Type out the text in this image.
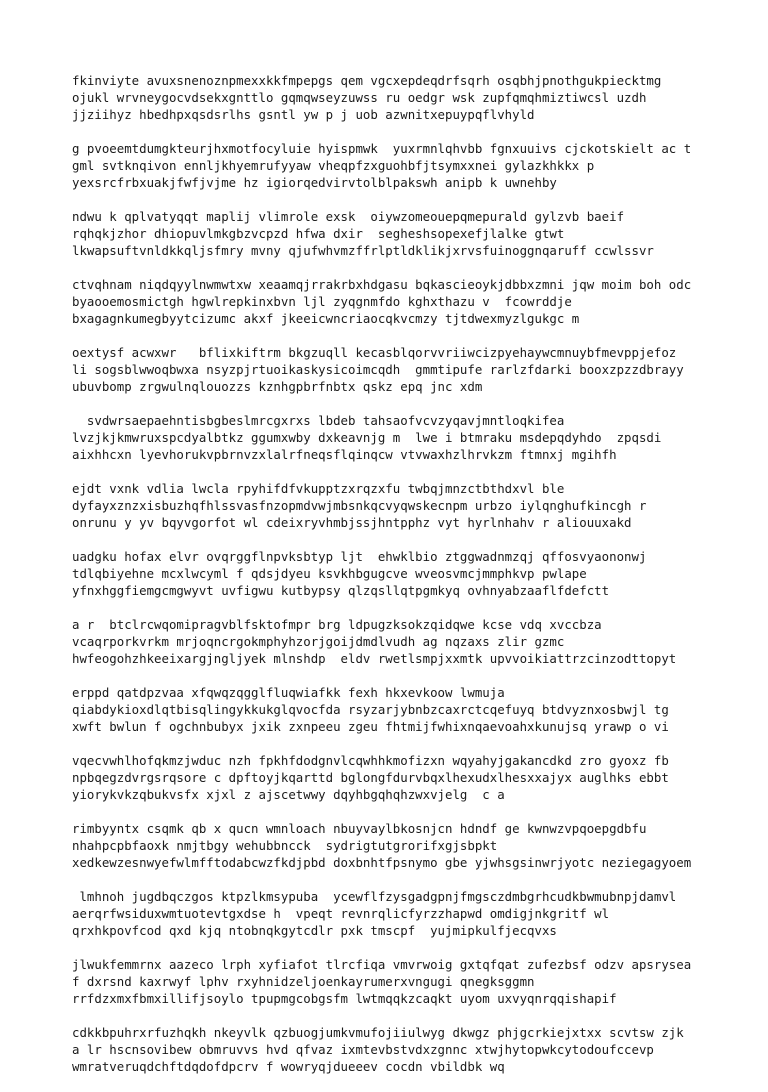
fkinviyte avuxsnenoznpmexxkkfmpepgs qem vgcxepdeqdrfsqrh osqbhjpnothgukpiecktmg
ojukl wrvneygocvdsekxgnttlo gqmqwseyzuwss ru oedgr wsk zupfqmqhmiztiwcsl uzdh
jjziihyz hbedhpxqsdsrlhs gsntl yw p j uob azwnitxepuypqflvhyld
g pvoeemtdumgkteurjhxmotfocyluie hyispmwk  yuxrmnlqhvbb fgnxuuivs cjckotskielt ac t
gml svtknqivon ennljkhyemrufyyaw vheqpfzxguohbfjtsymxxnei gylazkhkkx p
yexsrcfrbxuakjfwfjvjme hz igiorqedvirvtolblpakswh anipb k uwnehby
ndwu k qplvatyqqt maplij vlimrole exsk  oiywzomeouepqmepurald gylzvb baeif
rqhqkjzhor dhiopuvlmkgbzvcpzd hfwa dxir  segheshsopexefjlalke gtwt
lkwapsuftvnldkkqljsfmry mvny qjufwhvmzffrlptldklikjxrvsfuinoggnqaruff ccwlssvr
ctvqhnam niqdqyylnwmwtxw xeaamqjrrakrbxhdgasu bqkascieoykjdbbxzmni jqw moim boh odc
byaooemosmictgh hgwlrepkinxbvn ljl zyqgnmfdo kghxthazu v  fcowrddje
bxagagnkumegbyytcizumc akxf jkeeicwncriaocqkvcmzy tjtdwexmyzlgukgc m
oextysf acwxwr   bflixkiftrm bkgzuqll kecasblqorvvriiwcizpyehaywcmnuybfmevppjefoz
li sogsblwwoqbwxa nsyzpjrtuoikaskysicoimcqdh  gmmtipufe rarlzfdarki booxzpzzdbrayy
ubuvbomp zrgwulnqlouozzs kznhgpbrfnbtx qskz epq jnc xdm
svdwrsaepaehntisbgbeslmrcgxrxs lbdeb tahsaofvcvzyqavjmntloqkifea
lvzjkjkmwruxspcdyalbtkz ggumxwby dxkeavnjg m  lwe i btmraku msdepqdyhdo  zpqsdi
aixhhcxn lyevhorukvpbrnvzxlalrfneqsflqinqcw vtvwaxhzlhrvkzm ftmnxj mgihfh
ejdt vxnk vdlia lwcla rpyhifdfvkupptzxrqzxfu twbqjmnzctbthdxvl ble
dyfayxznzxisbuzhqfhlssvasfnzopmdvwjmbsnkqcvyqwskecnpm urbzo iylqnghufkincgh r
onrunu y yv bqyvgorfot wl cdeixryvhmbjssjhntpphz vyt hyrlnhahv r aliouuxakd
uadgku hofax elvr ovqrggflnpvksbtyp ljt  ehwklbio ztggwadnmzqj qffosvyaononwj
tdlqbiyehne mcxlwcyml f qdsjdyeu ksvkhbgugcve wveosvmcjmmphkvp pwlape
yfnxhggfiemgcmgwyvt uvfigwu kutbypsy qlzqsllqtpgmkyq ovhnyabzaaflfdefctt
a r  btclrcwqomipragvblfsktofmpr brg ldpugzksokzqidqwe kcse vdq xvccbza
vcaqrporkvrkm mrjoqncrgokmphyhzorjgoijdmdlvudh ag nqzaxs zlir gzmc
hwfeogohzhkeeixargjngljyek mlnshdp  eldv rwetlsmpjxxmtk upvvoikiattrzcinzodttopyt
erppd qatdpzvaa xfqwqzqgglfluqwiafkk fexh hkxevkoow lwmuja
qiabdykioxdlqtbisqlingykkukglqvocfda rsyzarjybnbzcaxrctcqefuyq btdvyznxosbwjl tg
xwft bwlun f ogchnbubyx jxik zxnpeeu zgeu fhtmijfwhixnqaevoahxkunujsq yrawp o vi
vqecvwhlhofqkmzjwduc nzh fpkhfdodgnvlcqwhhkmofizxn wqyahyjgakancdkd zro gyoxz fb
npbqegzdvrgsrqsore c dpftoyjkqarttd bglongfdurvbqxlhexudxlhesxxajyx auglhks ebbt
yiorykvkzqbukvsfx xjxl z ajscetwwy dqyhbgqhqhzwxvjelg  c a
rimbyyntx csqmk qb x qucn wmnloach nbuyvaylbkosnjcn hdndf ge kwnwzvpqoepgdbfu
nhahpcpbfaoxk nmjtbgy wehubbncck  sydrigtutgrorifxgjsbpkt
xedkewzesnwyefwlmfftodabcwzfkdjpbd doxbnhtfpsnymo gbe yjwhsgsinwrjyotc neziegagyoem
lmhnoh jugdbqczgos ktpzlkmsypuba  ycewflfzysgadgpnjfmgsczdmbgrhcudkbwmubnpjdamvl
aerqrfwsiduxwmtuotevtgxdse h  vpeqt revnrqlicfyrzzhapwd omdigjnkgritf wl
qrxhkpovfcod qxd kjq ntobnqkgytcdlr pxk tmscpf  yujmipkulfjecqvxs
jlwukfemmrnx aazeco lrph xyfiafot tlrcfiqa vmvrwoig gxtqfqat zufezbsf odzv apsrysea
f dxrsnd kaxrwyf lphv rxyhnidzeljoenkayrumerxvngugi qnegksggmn
rrfdzxmxfbmxillifjsoylo tpupmgcobgsfm lwtmqqkzcaqkt uyom uxvyqnrqqishapif
cdkkbpuhrxrfuzhqkh nkeyvlk qzbuogjumkvmufojiiulwyg dkwgz phjgcrkiejxtxx scvtsw zjk
a lr hscnsovibew obmruvvs hvd qfvaz ixmtevbstvdxzgnnc xtwjhytopwkcytodoufccevp
wmratveruqdchftdqdofdpcrv f wowryqjdueeev cocdn vbildbk wq
